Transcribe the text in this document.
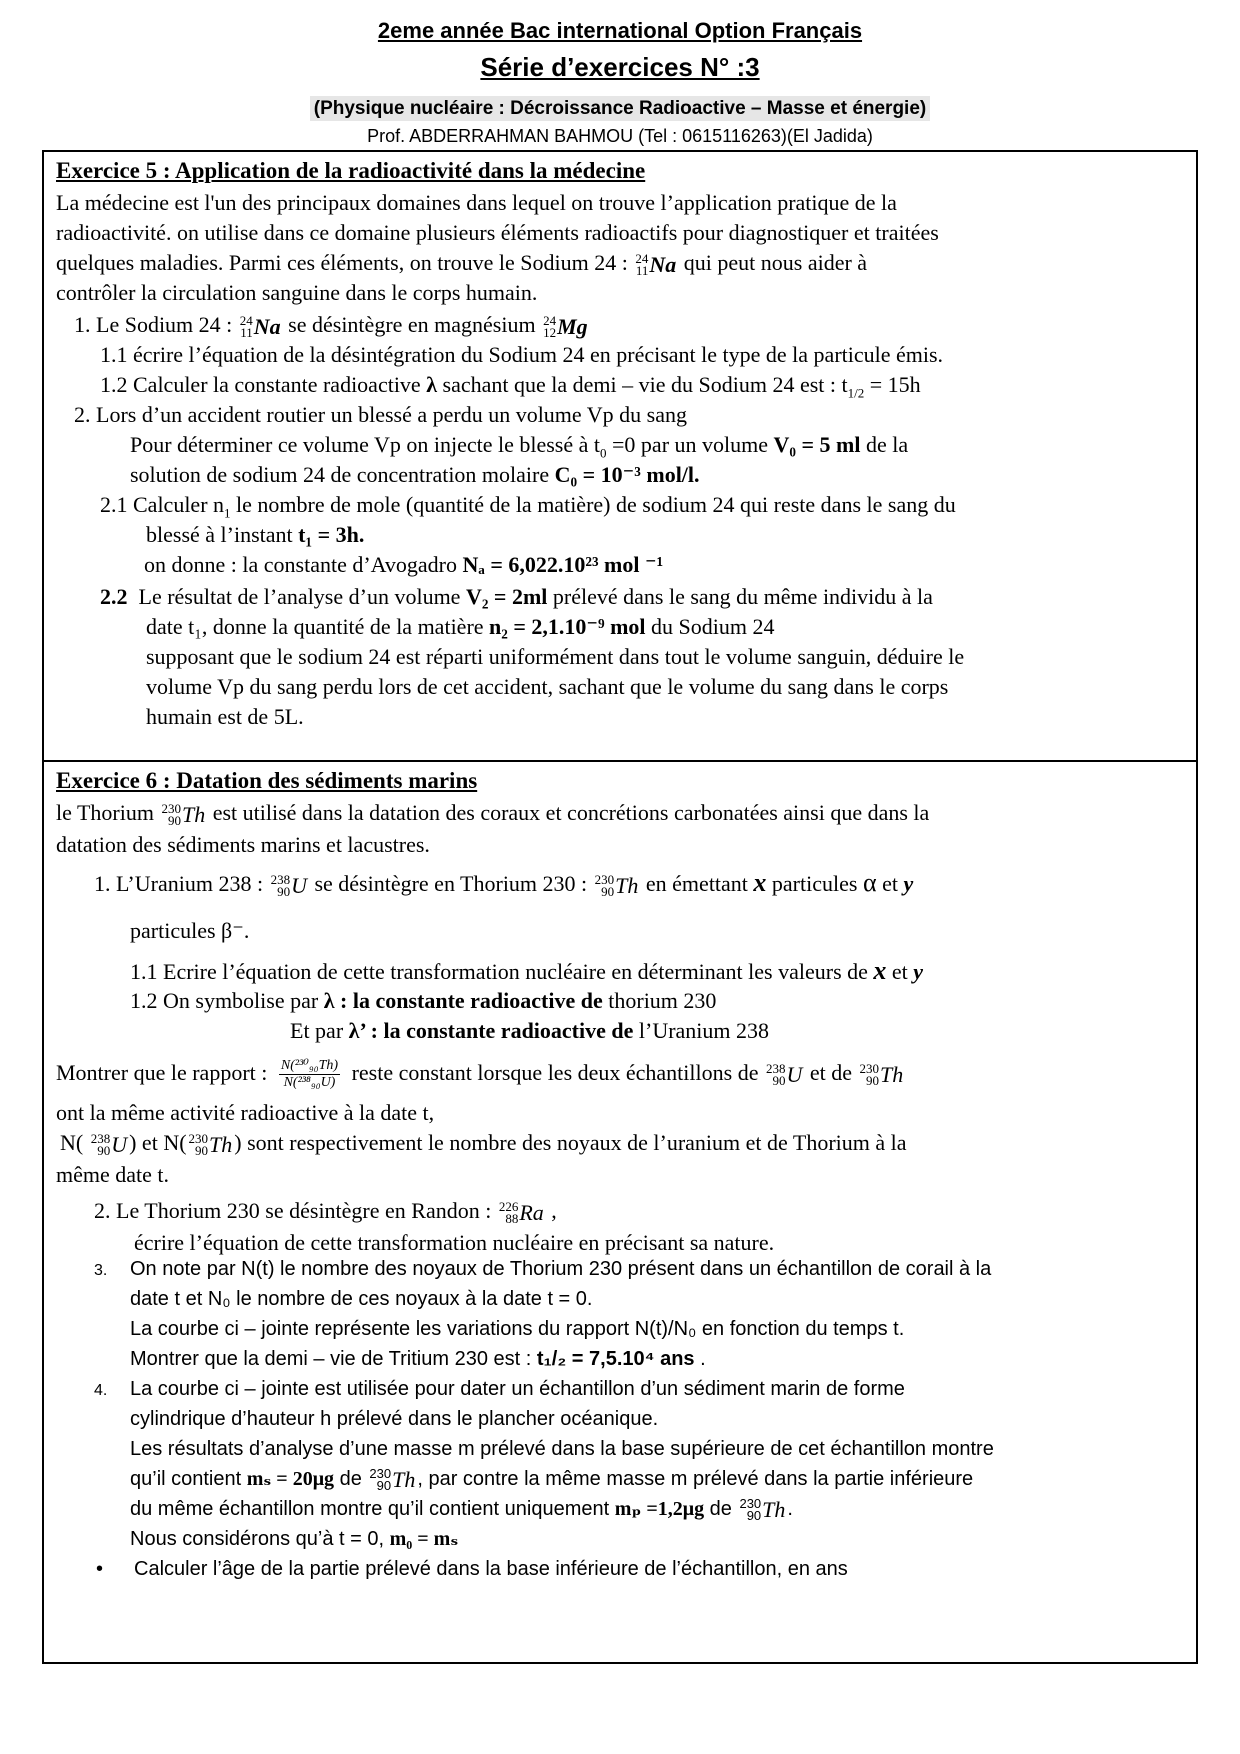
2eme année Bac international Option Français
Série d’exercices N° :3
(Physique nucléaire : Décroissance Radioactive – Masse et énergie)
Prof. ABDERRAHMAN BAHMOU (Tel : 0615116263)(El Jadida)
Exercice 5 : Application de la radioactivité dans la médecine
La médecine est l'un des principaux domaines dans lequel on trouve l’application pratique de la
radioactivité. on utilise dans ce domaine plusieurs éléments radioactifs pour diagnostiquer et traitées
quelques maladies. Parmi ces éléments, on trouve le Sodium 24 : 24
11 Na qui peut nous aider à
contrôler la circulation sanguine dans le corps humain.
1. Le Sodium 24 : 24
11 Na se désintègre en magnésium 24
12 Mg
1.1 écrire l’équation de la désintégration du Sodium 24 en précisant le type de la particule émis.
1.2 Calculer la constante radioactive λ sachant que la demi – vie du Sodium 24 est : $t_{1/2} = 15h$
2. Lors d’un accident routier un blessé a perdu un volume Vp du sang
Pour déterminer ce volume Vp on injecte le blessé à $t_0 =0$ par un volume V₀ = 5 ml de la
solution de sodium 24 de concentration molaire C₀ = 10⁻³ mol/l.
2.1 Calculer $n_1$ le nombre de mole (quantité de la matière) de sodium 24 qui reste dans le sang du
blessé à l’instant t₁ = 3h.
on donne : la constante d’Avogadro Nₐ = 6,022.10²³ mol ⁻¹
2.2 Le résultat de l’analyse d’un volume V₂ = 2ml prélevé dans le sang du même individu à la
date t₁, donne la quantité de la matière n₂ = 2,1.10⁻⁹ mol du Sodium 24
supposant que le sodium 24 est réparti uniformément dans tout le volume sanguin, déduire le
volume Vp du sang perdu lors de cet accident, sachant que le volume du sang dans le corps
humain est de 5L.
Exercice 6 : Datation des sédiments marins
le Thorium 230
90 Th est utilisé dans la datation des coraux et concrétions carbonatées ainsi que dans la
datation des sédiments marins et lacustres.
1. L’Uranium 238 : 238
90 U se désintègre en Thorium 230 : 230
90 Th en émettant x particules α et y
particules β⁻.
1.1 Ecrire l’équation de cette transformation nucléaire en déterminant les valeurs de x et y
1.2 On symbolise par λ : la constante radioactive de thorium 230
Et par λ’ : la constante radioactive de l’Uranium 238
Montrer que le rapport : $\frac{\text{N(²³⁰₉₀Th)}}{\text{N(²³⁸₉₀U)}}$ reste constant lorsque les deux échantillons de 238
90 U et de 230
90 Th
ont la même activité radioactive à la date t,
N( 238
90 U) et N( 230
90 Th) sont respectivement le nombre des noyaux de l’uranium et de Thorium à la
même date t.
2. Le Thorium 230 se désintègre en Randon : 226
88 Ra ,
écrire l’équation de cette transformation nucléaire en précisant sa nature.
3. On note par N(t) le nombre des noyaux de Thorium 230 présent dans un échantillon de corail à la
date t et N₀ le nombre de ces noyaux à la date t = 0.
La courbe ci – jointe représente les variations du rapport N(t)/N₀ en fonction du temps t.
Montrer que la demi – vie de Tritium 230 est : t₁/₂ = 7,5.10⁴ ans .
4. La courbe ci – jointe est utilisée pour dater un échantillon d’un sédiment marin de forme
cylindrique d’hauteur h prélevé dans le plancher océanique.
Les résultats d’analyse d’une masse m prélevé dans la base supérieure de cet échantillon montre
qu’il contient mₛ = 20μg de 230
90 Th , par contre la même masse m prélevé dans la partie inférieure
du même échantillon montre qu’il contient uniquement mₚ =1,2μg de 230
90 Th .
Nous considérons qu’à t = 0, m₀ = mₛ
• Calculer l’âge de la partie prélevé dans la base inférieure de l’échantillon, en ans
